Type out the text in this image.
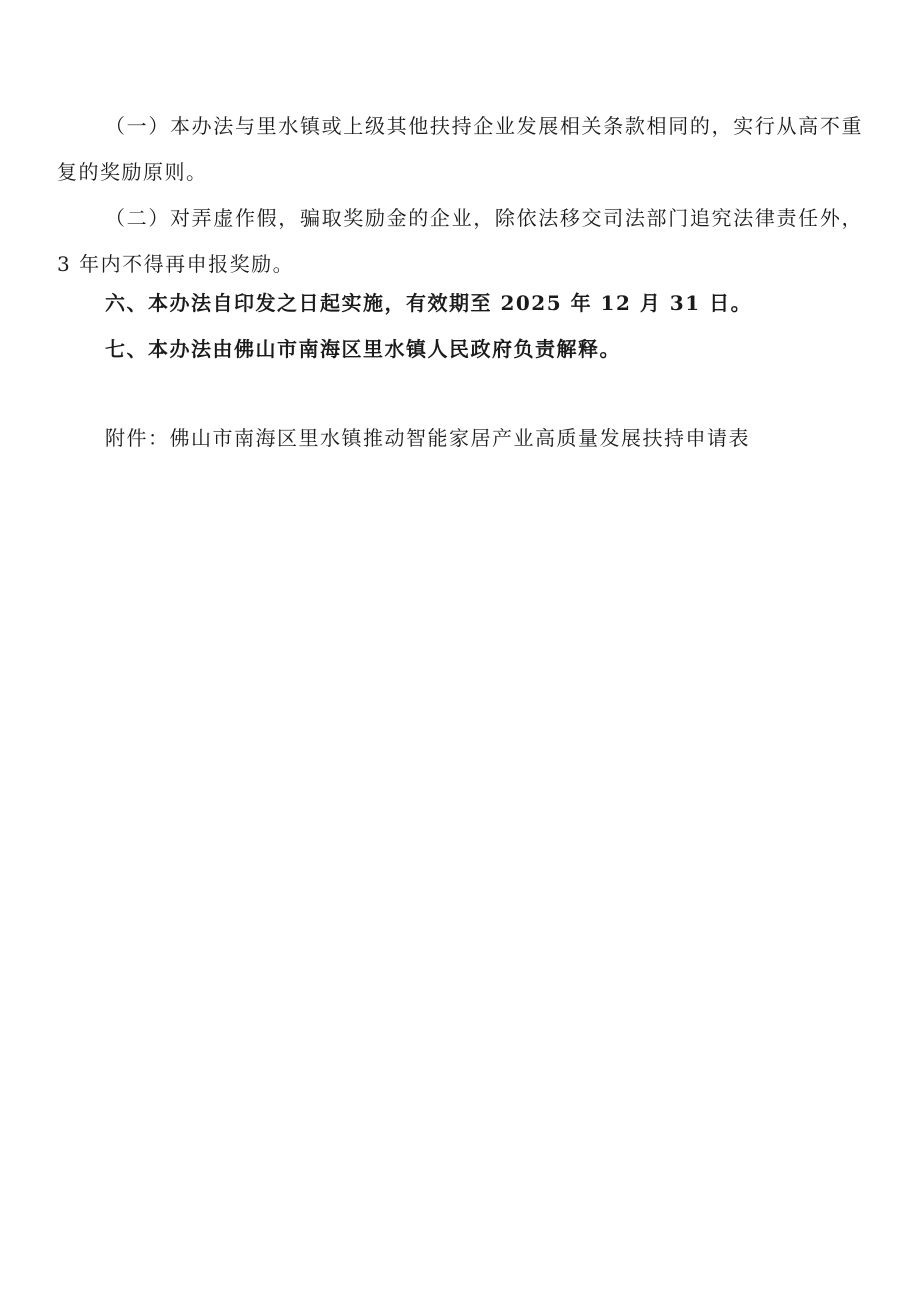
（一）本办法与里水镇或上级其他扶持企业发展相关条款相同的，实行从高不重复的奖励原则。

（二）对弄虚作假，骗取奖励金的企业，除依法移交司法部门追究法律责任外，3 年内不得再申报奖励。

六、本办法自印发之日起实施，有效期至 2025 年 12 月 31 日。

七、本办法由佛山市南海区里水镇人民政府负责解释。

附件：佛山市南海区里水镇推动智能家居产业高质量发展扶持申请表
